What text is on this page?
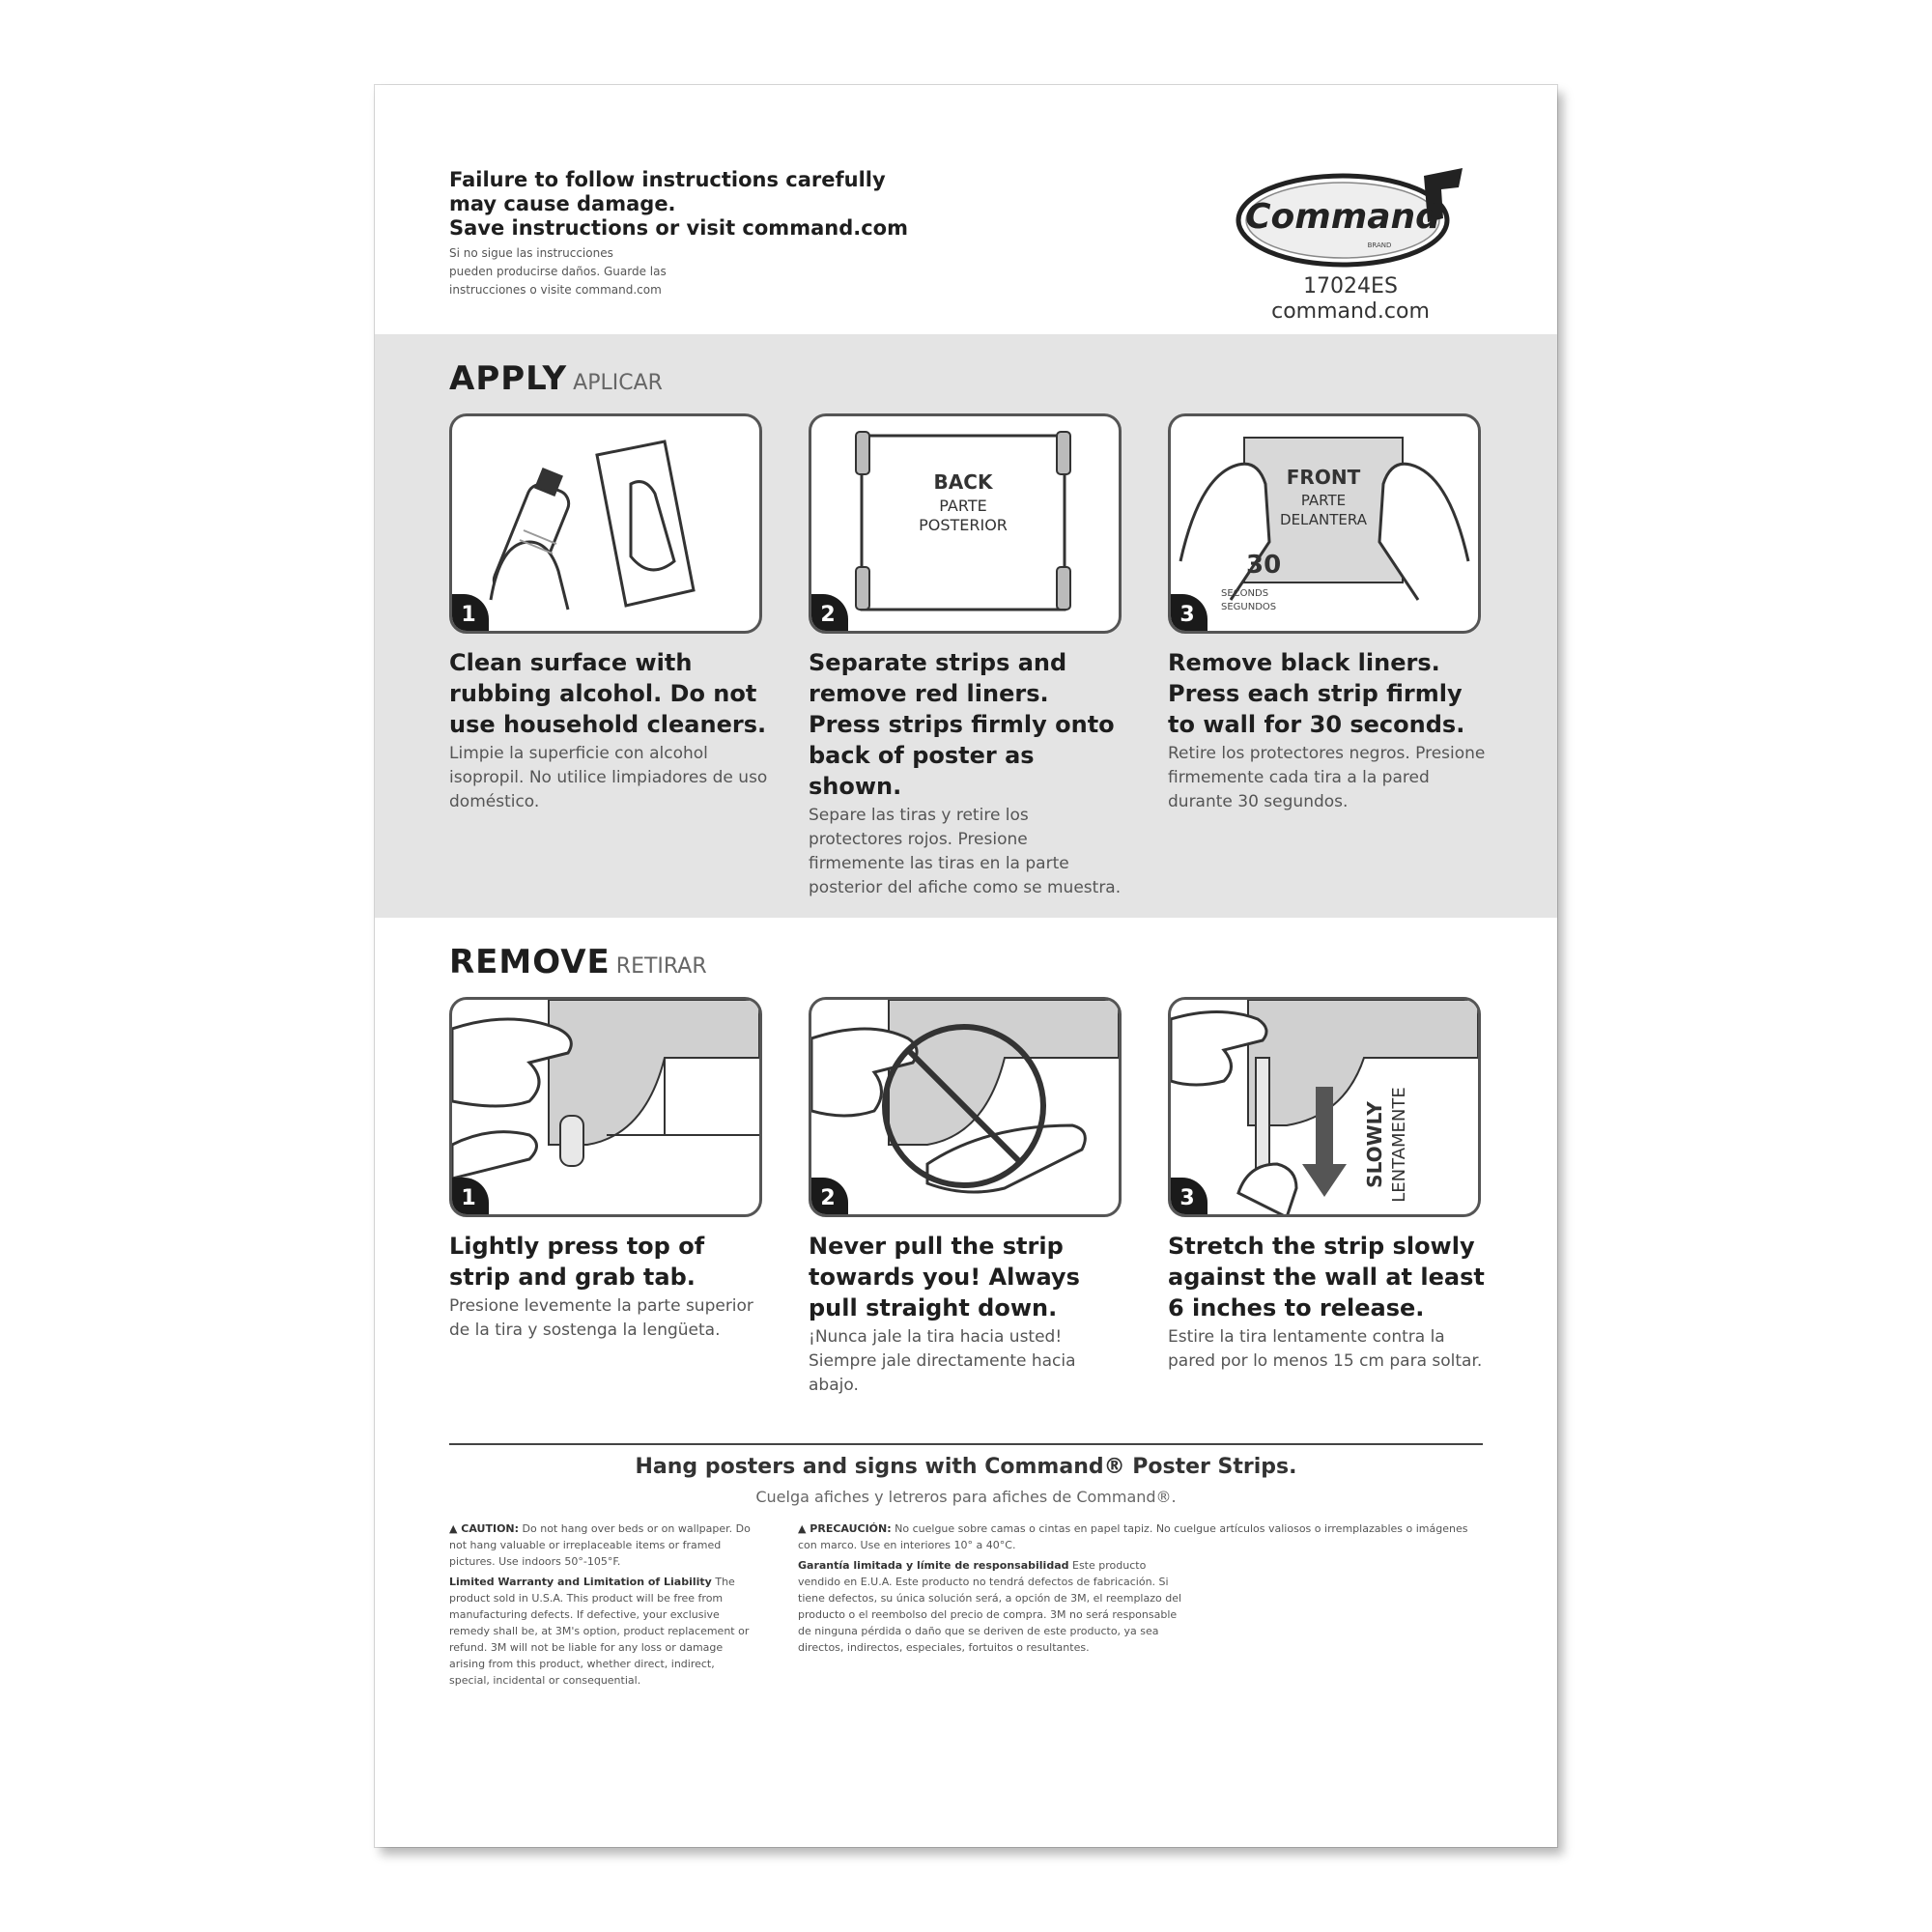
Failure to follow instructions carefully
may cause damage.
Save instructions or visit command.com
Si no sigue las instrucciones
pueden producirse daños. Guarde las
instrucciones o visite command.com
Command
BRAND
17024ES
command.com
APPLY APLICAR
1
BACK
PARTE
POSTERIOR
2
FRONT
PARTE
DELANTERA
30
SECONDS
SEGUNDOS
3
Clean surface with rubbing alcohol. Do not use household cleaners.
Limpie la superficie con alcohol isopropil. No utilice limpiadores de uso doméstico.
Separate strips and remove red liners. Press strips firmly onto back of poster as shown.
Separe las tiras y retire los protectores rojos. Presione firmemente las tiras en la parte posterior del afiche como se muestra.
Remove black liners. Press each strip firmly to wall for 30 seconds.
Retire los protectores negros. Presione firmemente cada tira a la pared durante 30 segundos.
REMOVE RETIRAR
1	2
SLOWLY LENTAMENTE
3
Lightly press top of strip and grab tab.
Presione levemente la parte superior de la tira y sostenga la lengüeta.
Never pull the strip towards you! Always pull straight down.
¡Nunca jale la tira hacia usted! Siempre jale directamente hacia abajo.
Stretch the strip slowly against the wall at least 6 inches to release.
Estire la tira lentamente contra la pared por lo menos 15 cm para soltar.
Hang posters and signs with Command® Poster Strips.
Cuelga afiches y letreros para afiches de Command®.
▲ CAUTION: Do not hang over beds or on wallpaper. Do not hang valuable or irreplaceable items or framed pictures. Use indoors 50°-105°F.
Limited Warranty and Limitation of Liability The product sold in U.S.A. This product will be free from manufacturing defects. If defective, your exclusive remedy shall be, at 3M's option, product replacement or refund. 3M will not be liable for any loss or damage arising from this product, whether direct, indirect, special, incidental or consequential.
▲ PRECAUCIÓN: No cuelgue sobre camas o cintas en papel tapiz. No cuelgue artículos valiosos o irremplazables o imágenes con marco. Use en interiores 10° a 40°C.
Garantía limitada y límite de responsabilidad Este producto vendido en E.U.A. Este producto no tendrá defectos de fabricación. Si tiene defectos, su única solución será, a opción de 3M, el reemplazo del producto o el reembolso del precio de compra. 3M no será responsable de ninguna pérdida o daño que se deriven de este producto, ya sea directos, indirectos, especiales, fortuitos o resultantes.
